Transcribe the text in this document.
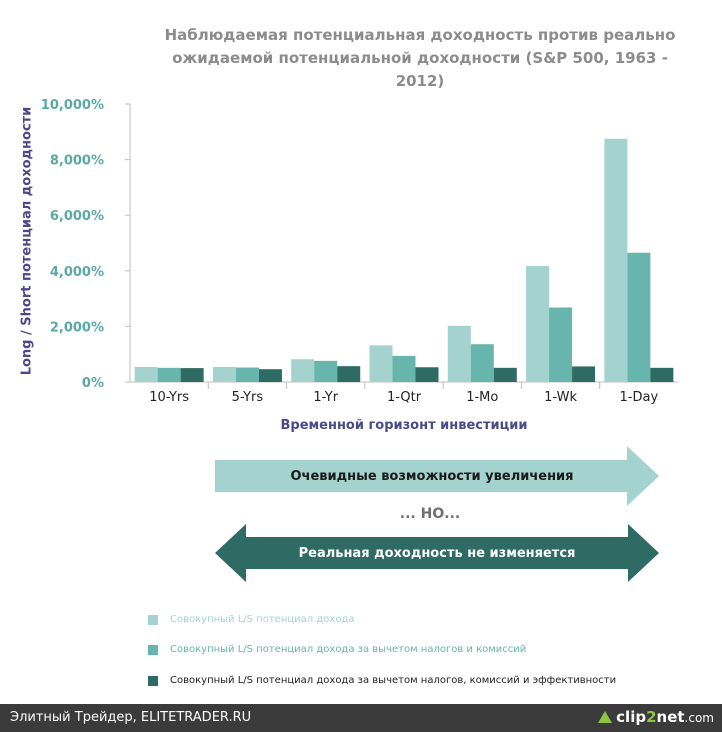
Наблюдаемая потенциальная доходность против реально
ожидаемой потенциальной доходности (S&P 500, 1963 - 2012)
0%
2,000%
4,000%
6,000%
8,000%
10,000%
10-Yrs	5-Yrs	1-Yr	1-Qtr	1-Mo	1-Wk	1-Day
Long / Short потенциал доходности
Временной горизонт инвестиции
Очевидные возможности увеличения
... НО...
Реальная доходность не изменяется
Совокупный L/S потенциал дохода
Совокупный L/S потенциал дохода за вычетом налогов и комиссий
Совокупный L/S потенциал дохода за вычетом налогов, комиссий и эффективности
Элитный Трейдер, ELITETRADER.RU	clip2net.com
